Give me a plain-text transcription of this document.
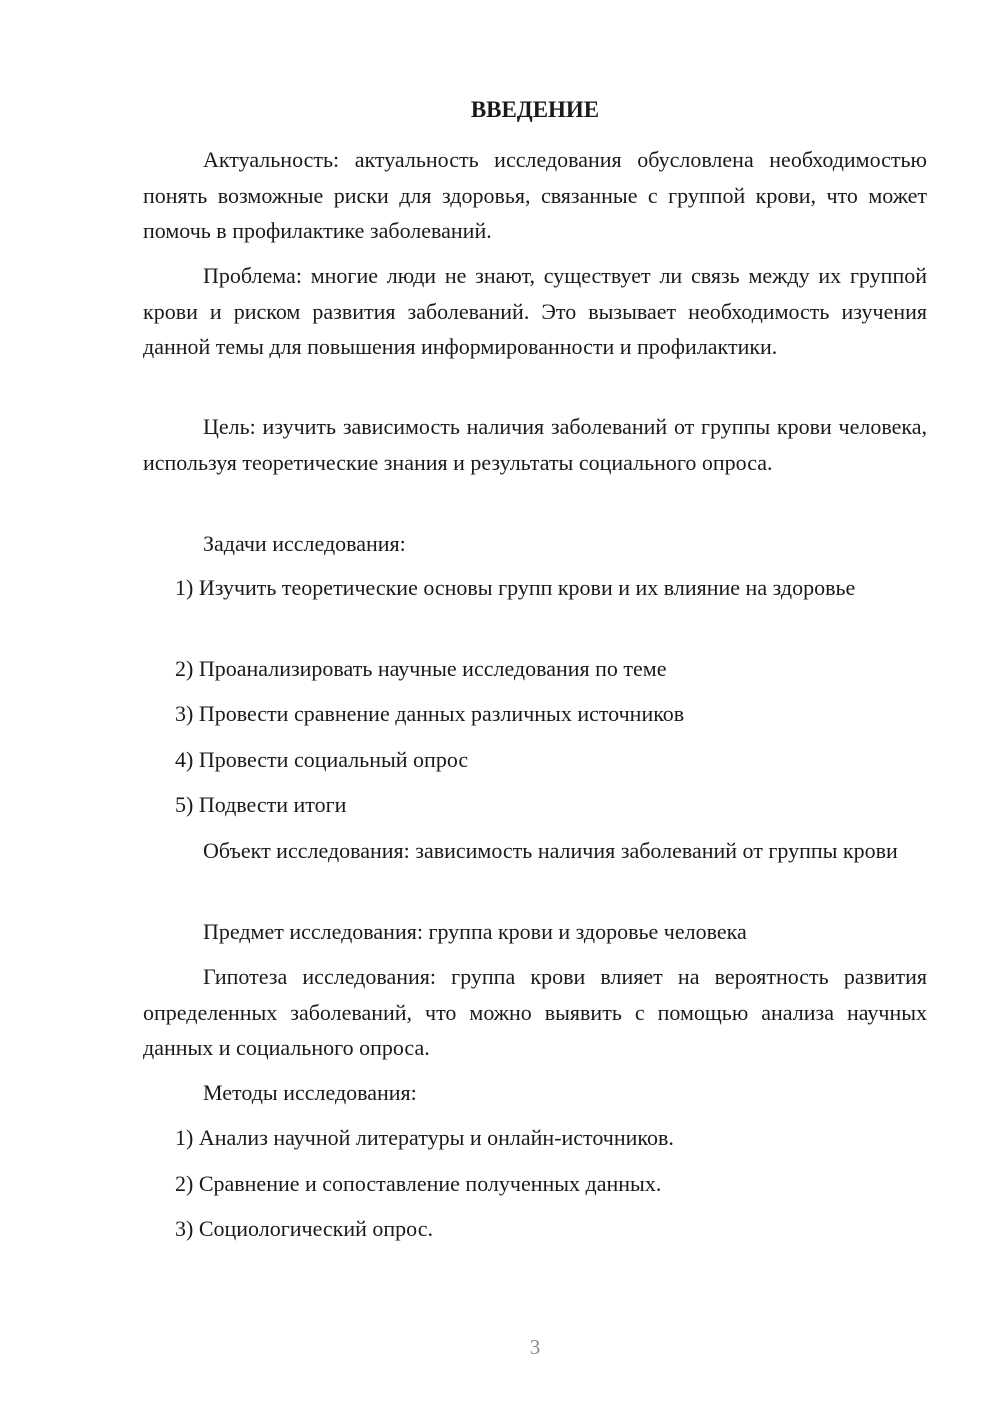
ВВЕДЕНИЕ

Актуальность: актуальность исследования обусловлена необходимостью понять возможные риски для здоровья, связанные с группой крови, что может помочь в профилактике заболеваний.

Проблема: многие люди не знают, существует ли связь между их группой крови и риском развития заболеваний. Это вызывает необходимость изучения данной темы для повышения информированности и профилактики.

Цель: изучить зависимость наличия заболеваний от группы крови человека, используя теоретические знания и результаты социального опроса.

Задачи исследования:

1) Изучить теоретические основы групп крови и их влияние на здоровье

2) Проанализировать научные исследования по теме

3) Провести сравнение данных различных источников

4) Провести социальный опрос

5) Подвести итоги

Объект исследования: зависимость наличия заболеваний от группы крови

Предмет исследования: группа крови и здоровье человека

Гипотеза исследования: группа крови влияет на вероятность развития определенных заболеваний, что можно выявить с помощью анализа научных данных и социального опроса.

Методы исследования:

1) Анализ научной литературы и онлайн-источников.

2) Сравнение и сопоставление полученных данных.

3) Социологический опрос.

3
